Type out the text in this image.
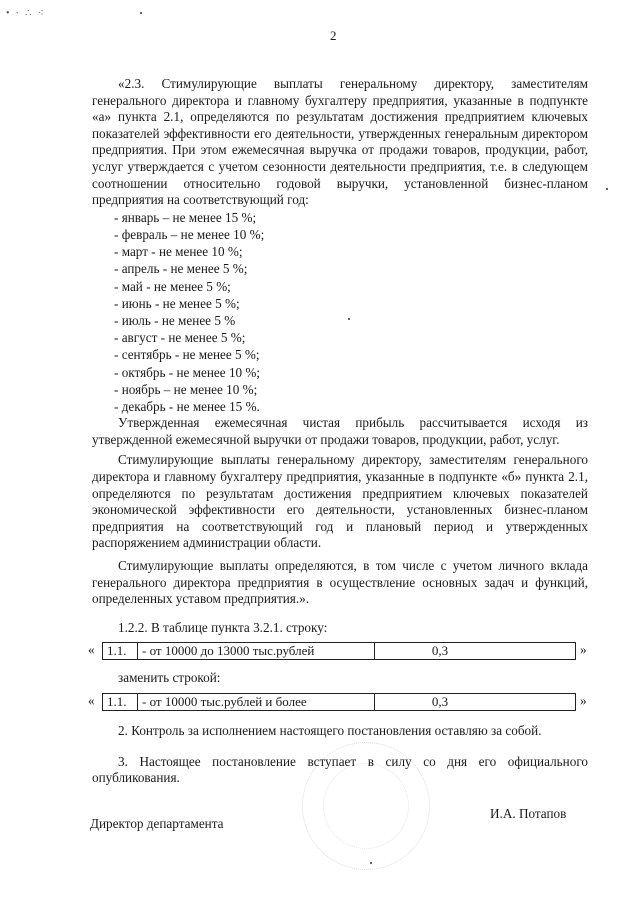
• ∙ ∴ ⁖
2

«2.3. Стимулирующие выплаты генеральному директору, заместителям генерального директора и главному бухгалтеру предприятия, указанные в подпункте «а» пункта 2.1, определяются по результатам достижения предприятием ключевых показателей эффективности его деятельности, утвержденных генеральным директором предприятия. При этом ежемесячная выручка от продажи товаров, продукции, работ, услуг утверждается с учетом сезонности деятельности предприятия, т.е. в следующем соотношении относительно годовой выручки, установленной бизнес-планом предприятия на соответствующий год:

- январь – не менее 15 %;
- февраль – не менее 10 %;
- март - не менее 10 %;
- апрель - не менее 5 %;
- май - не менее 5 %;
- июнь - не менее 5 %;
- июль - не менее 5 %
- август - не менее 5 %;
- сентябрь - не менее 5 %;
- октябрь - не менее 10 %;
- ноябрь – не менее 10 %;
- декабрь - не менее 15 %.

Утвержденная ежемесячная чистая прибыль рассчитывается исходя из утвержденной ежемесячной выручки от продажи товаров, продукции, работ, услуг.

Стимулирующие выплаты генеральному директору, заместителям генерального директора и главному бухгалтеру предприятия, указанные в подпункте «б» пункта 2.1, определяются по результатам достижения предприятием ключевых показателей экономической эффективности его деятельности, установленных бизнес-планом предприятия на соответствующий год и плановый период и утвержденных распоряжением администрации области.

Стимулирующие выплаты определяются, в том числе с учетом личного вклада генерального директора предприятия в осуществление основных задач и функций, определенных уставом предприятия.».

1.2.2. В таблице пункта 3.2.1. строку:

« 1.1.	- от 10000 до 13000 тыс.рублей	0,3	»

заменить строкой:

« 1.1.	- от 10000 тыс.рублей и более	0,3	»

2. Контроль за исполнением настоящего постановления оставляю за собой.

3. Настоящее постановление вступает в силу со дня его официального опубликования.

Директор департамента
И.А. Потапов
